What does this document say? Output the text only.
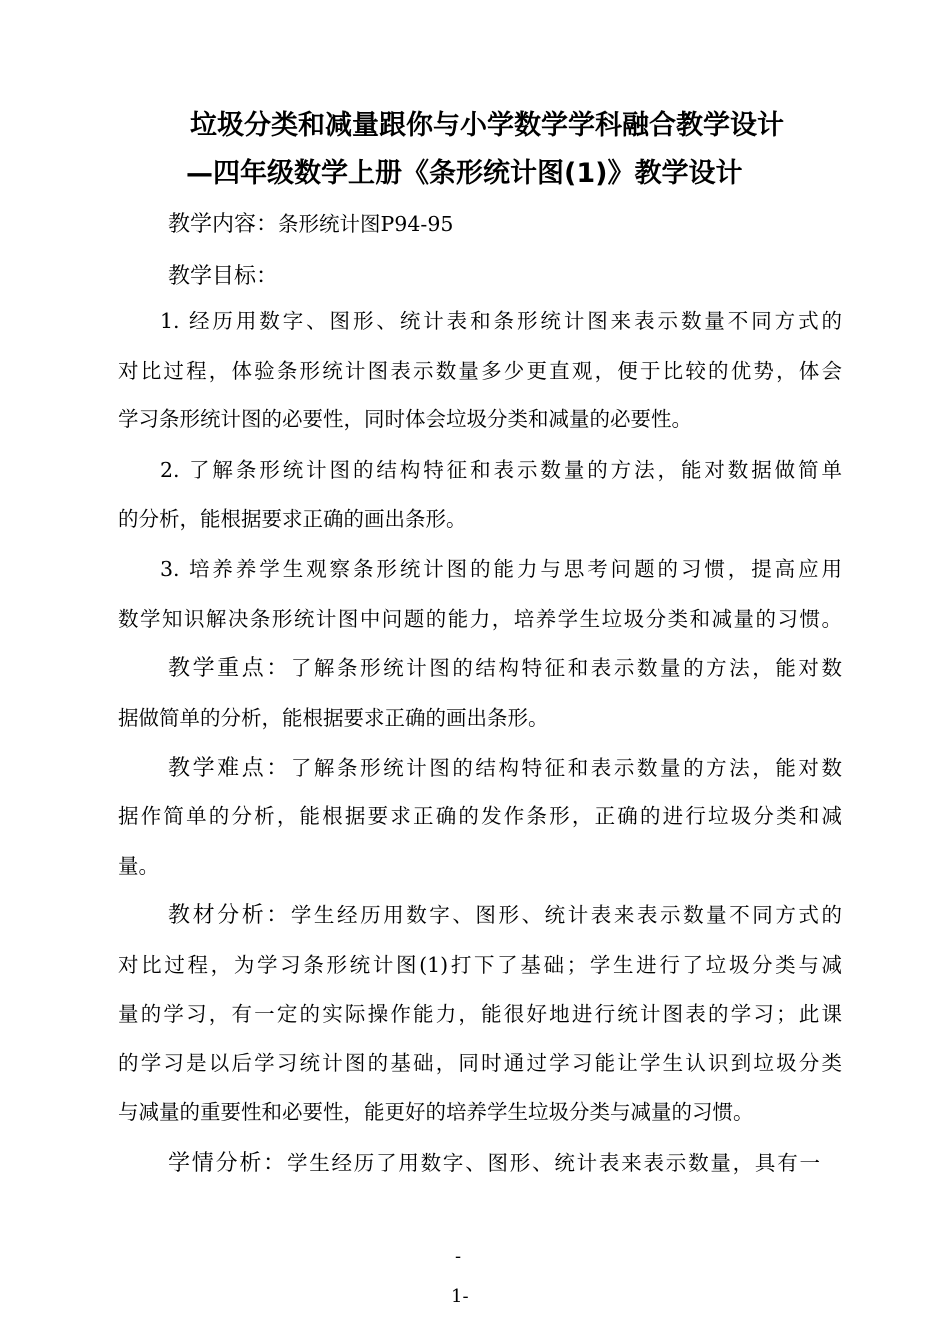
垃圾分类和减量跟你与小学数学学科融合教学设计
—四年级数学上册《条形统计图(1)》教学设计
教学内容：条形统计图P94-95
教学目标：
1. 经历用数字、图形、统计表和条形统计图来表示数量不同方式的
对比过程，体验条形统计图表示数量多少更直观，便于比较的优势，体会
学习条形统计图的必要性，同时体会垃圾分类和减量的必要性。
2. 了解条形统计图的结构特征和表示数量的方法，能对数据做简单
的分析，能根据要求正确的画出条形。
3. 培养养学生观察条形统计图的能力与思考问题的习惯，提高应用
数学知识解决条形统计图中问题的能力，培养学生垃圾分类和减量的习惯。
教学重点：了解条形统计图的结构特征和表示数量的方法，能对数
据做简单的分析，能根据要求正确的画出条形。
教学难点：了解条形统计图的结构特征和表示数量的方法，能对数
据作简单的分析，能根据要求正确的发作条形，正确的进行垃圾分类和减
量。
教材分析：学生经历用数字、图形、统计表来表示数量不同方式的
对比过程，为学习条形统计图(1)打下了基础；学生进行了垃圾分类与减
量的学习，有一定的实际操作能力，能很好地进行统计图表的学习；此课
的学习是以后学习统计图的基础，同时通过学习能让学生认识到垃圾分类
与减量的重要性和必要性，能更好的培养学生垃圾分类与减量的习惯。
学情分析：学生经历了用数字、图形、统计表来表示数量，具有一
-
1-
